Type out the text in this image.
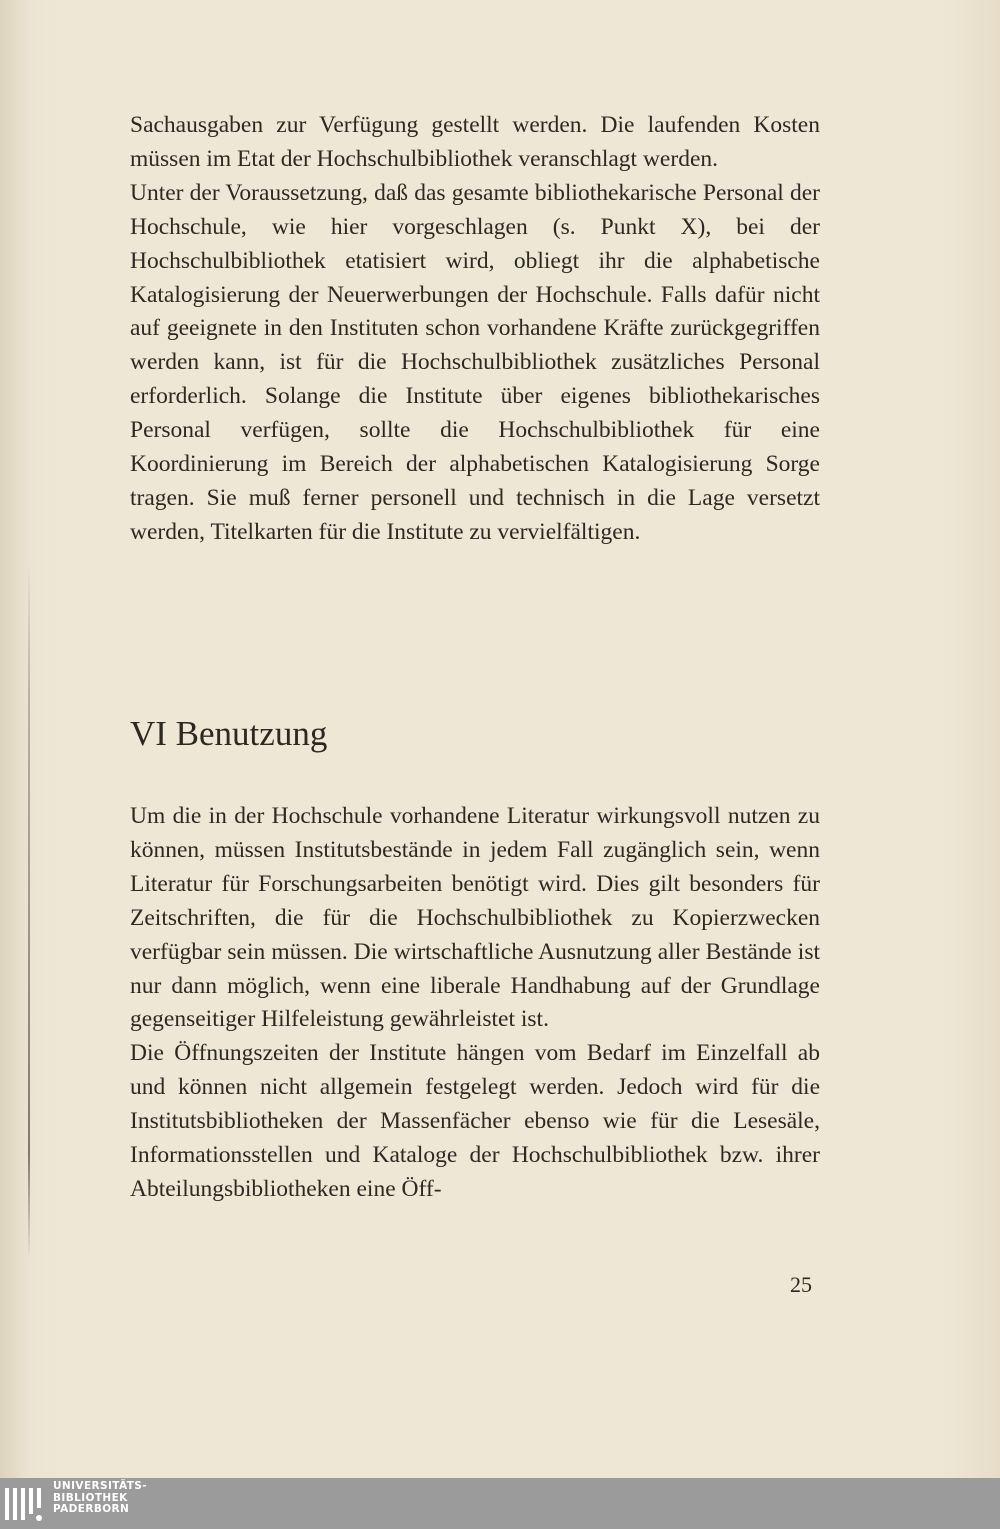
Sachausgaben zur Verfügung gestellt werden. Die laufenden Kosten müssen im Etat der Hochschulbibliothek veranschlagt werden.

Unter der Voraussetzung, daß das gesamte bibliothekarische Personal der Hochschule, wie hier vorgeschlagen (s. Punkt X), bei der Hochschulbibliothek etatisiert wird, obliegt ihr die alphabetische Katalogisierung der Neuerwerbungen der Hochschule. Falls dafür nicht auf geeignete in den Instituten schon vorhandene Kräfte zurückgegriffen werden kann, ist für die Hochschulbibliothek zusätzliches Personal erforderlich. Solange die Institute über eigenes bibliothekarisches Personal verfügen, sollte die Hochschulbibliothek für eine Koordinierung im Bereich der alphabetischen Katalogisierung Sorge tragen. Sie muß ferner personell und technisch in die Lage versetzt werden, Titelkarten für die Institute zu vervielfältigen.

VI Benutzung

Um die in der Hochschule vorhandene Literatur wirkungsvoll nutzen zu können, müssen Institutsbestände in jedem Fall zugänglich sein, wenn Literatur für Forschungsarbeiten benötigt wird. Dies gilt besonders für Zeitschriften, die für die Hochschulbibliothek zu Kopierzwecken verfügbar sein müssen. Die wirtschaftliche Ausnutzung aller Bestände ist nur dann möglich, wenn eine liberale Handhabung auf der Grundlage gegenseitiger Hilfeleistung gewährleistet ist.

Die Öffnungszeiten der Institute hängen vom Bedarf im Einzelfall ab und können nicht allgemein festgelegt werden. Jedoch wird für die Institutsbibliotheken der Massenfächer ebenso wie für die Lesesäle, Informationsstellen und Kataloge der Hochschulbibliothek bzw. ihrer Abteilungsbibliotheken eine Öff-

25
UNIVERSITÄTS-
BIBLIOTHEK
PADERBORN
